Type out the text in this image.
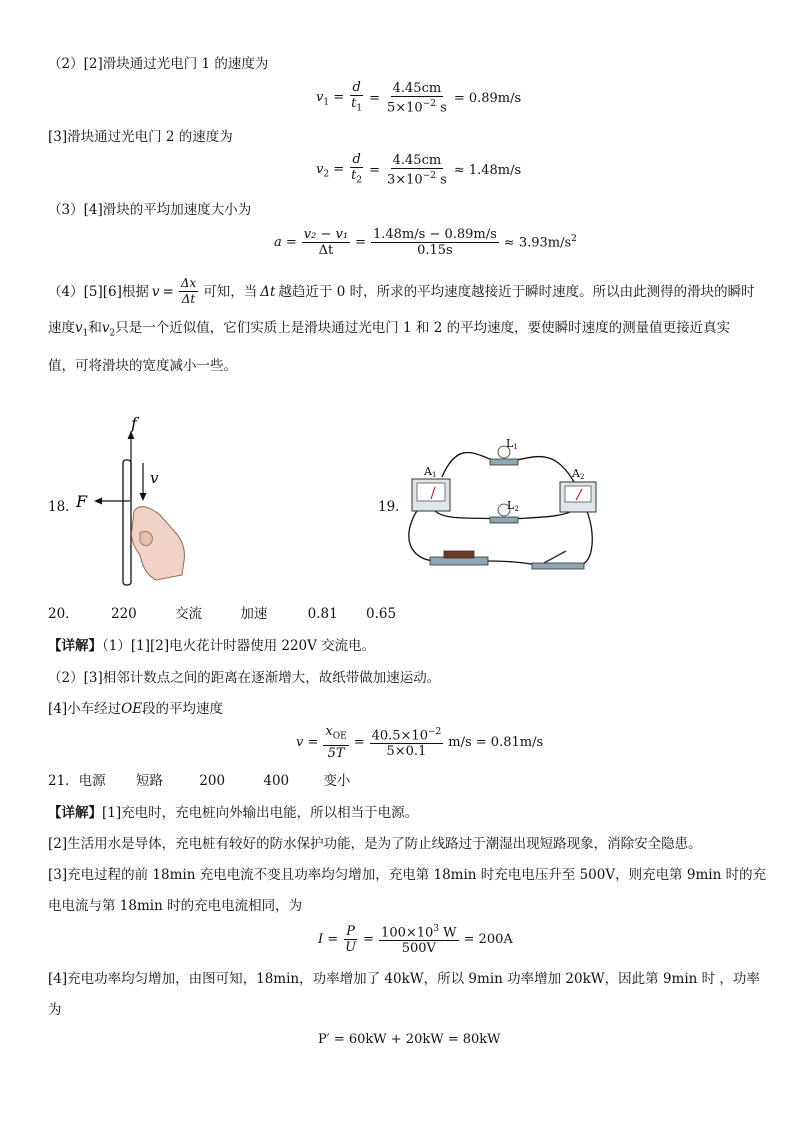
（2）[2]滑块通过光电门 1 的速度为
$v_1 = \frac{d}{t_1} = \frac{4.45cm}{5\times 10^{-2} s} = 0.89m/s$
[3]滑块通过光电门 2 的速度为
$v_2 = \frac{d}{t_2} = \frac{4.45cm}{3\times 10^{-2} s} \approx 1.48m/s$
（3）[4]滑块的平均加速度大小为
$a = \frac{\text{v₂ − v₁}}{\Delta t} = \frac{1.48m/s - 0.89m/s}{0.15s} \approx 3.93m/s^2$
（4）[5][6]根据 $v = \frac{\Delta x}{\Delta t}$ 可知，当 Δt 越趋近于 0 时，所求的平均速度越接近于瞬时速度。所以由此测得的滑块的瞬时
速度$v_1$和$v_2$只是一个近似值，它们实质上是滑块通过光电门 1 和 2 的平均速度，要使瞬时速度的测量值更接近真实
值，可将滑块的宽度减小一些。
18．
f
v
F	19．
A1	A2
L1
L2
20． 220	交流	加速	0.81 0.65
【详解】（1）[1][2]电火花计时器使用 220V 交流电。
（2）[3]相邻计数点之间的距离在逐渐增大，故纸带做加速运动。
[4]小车经过OE段的平均速度
$v = \frac{x_{OE}}{5T} = \frac{40.5\times 10^{-2}}{5\times 0.1} m/s = 0.81m/s$
21．电源 短路	200	400	变小
【详解】[1]充电时，充电桩向外输出电能，所以相当于电源。
[2]生活用水是导体，充电桩有较好的防水保护功能，是为了防止线路过于潮湿出现短路现象，消除安全隐患。
[3]充电过程的前 18min 充电电流不变且功率均匀增加，充电第 18min 时充电电压升至 500V，则充电第 9min 时的充
电电流与第 18min 时的充电电流相同，为
$I = \frac{P}{U} = \frac{100\times 10^3 W}{500V} = 200A$
[4]充电功率均匀增加，由图可知，18min，功率增加了 40kW，所以 9min 功率增加 20kW，因此第 9min 时 ，功率
为
P′ = 60kW + 20kW = 80kW
